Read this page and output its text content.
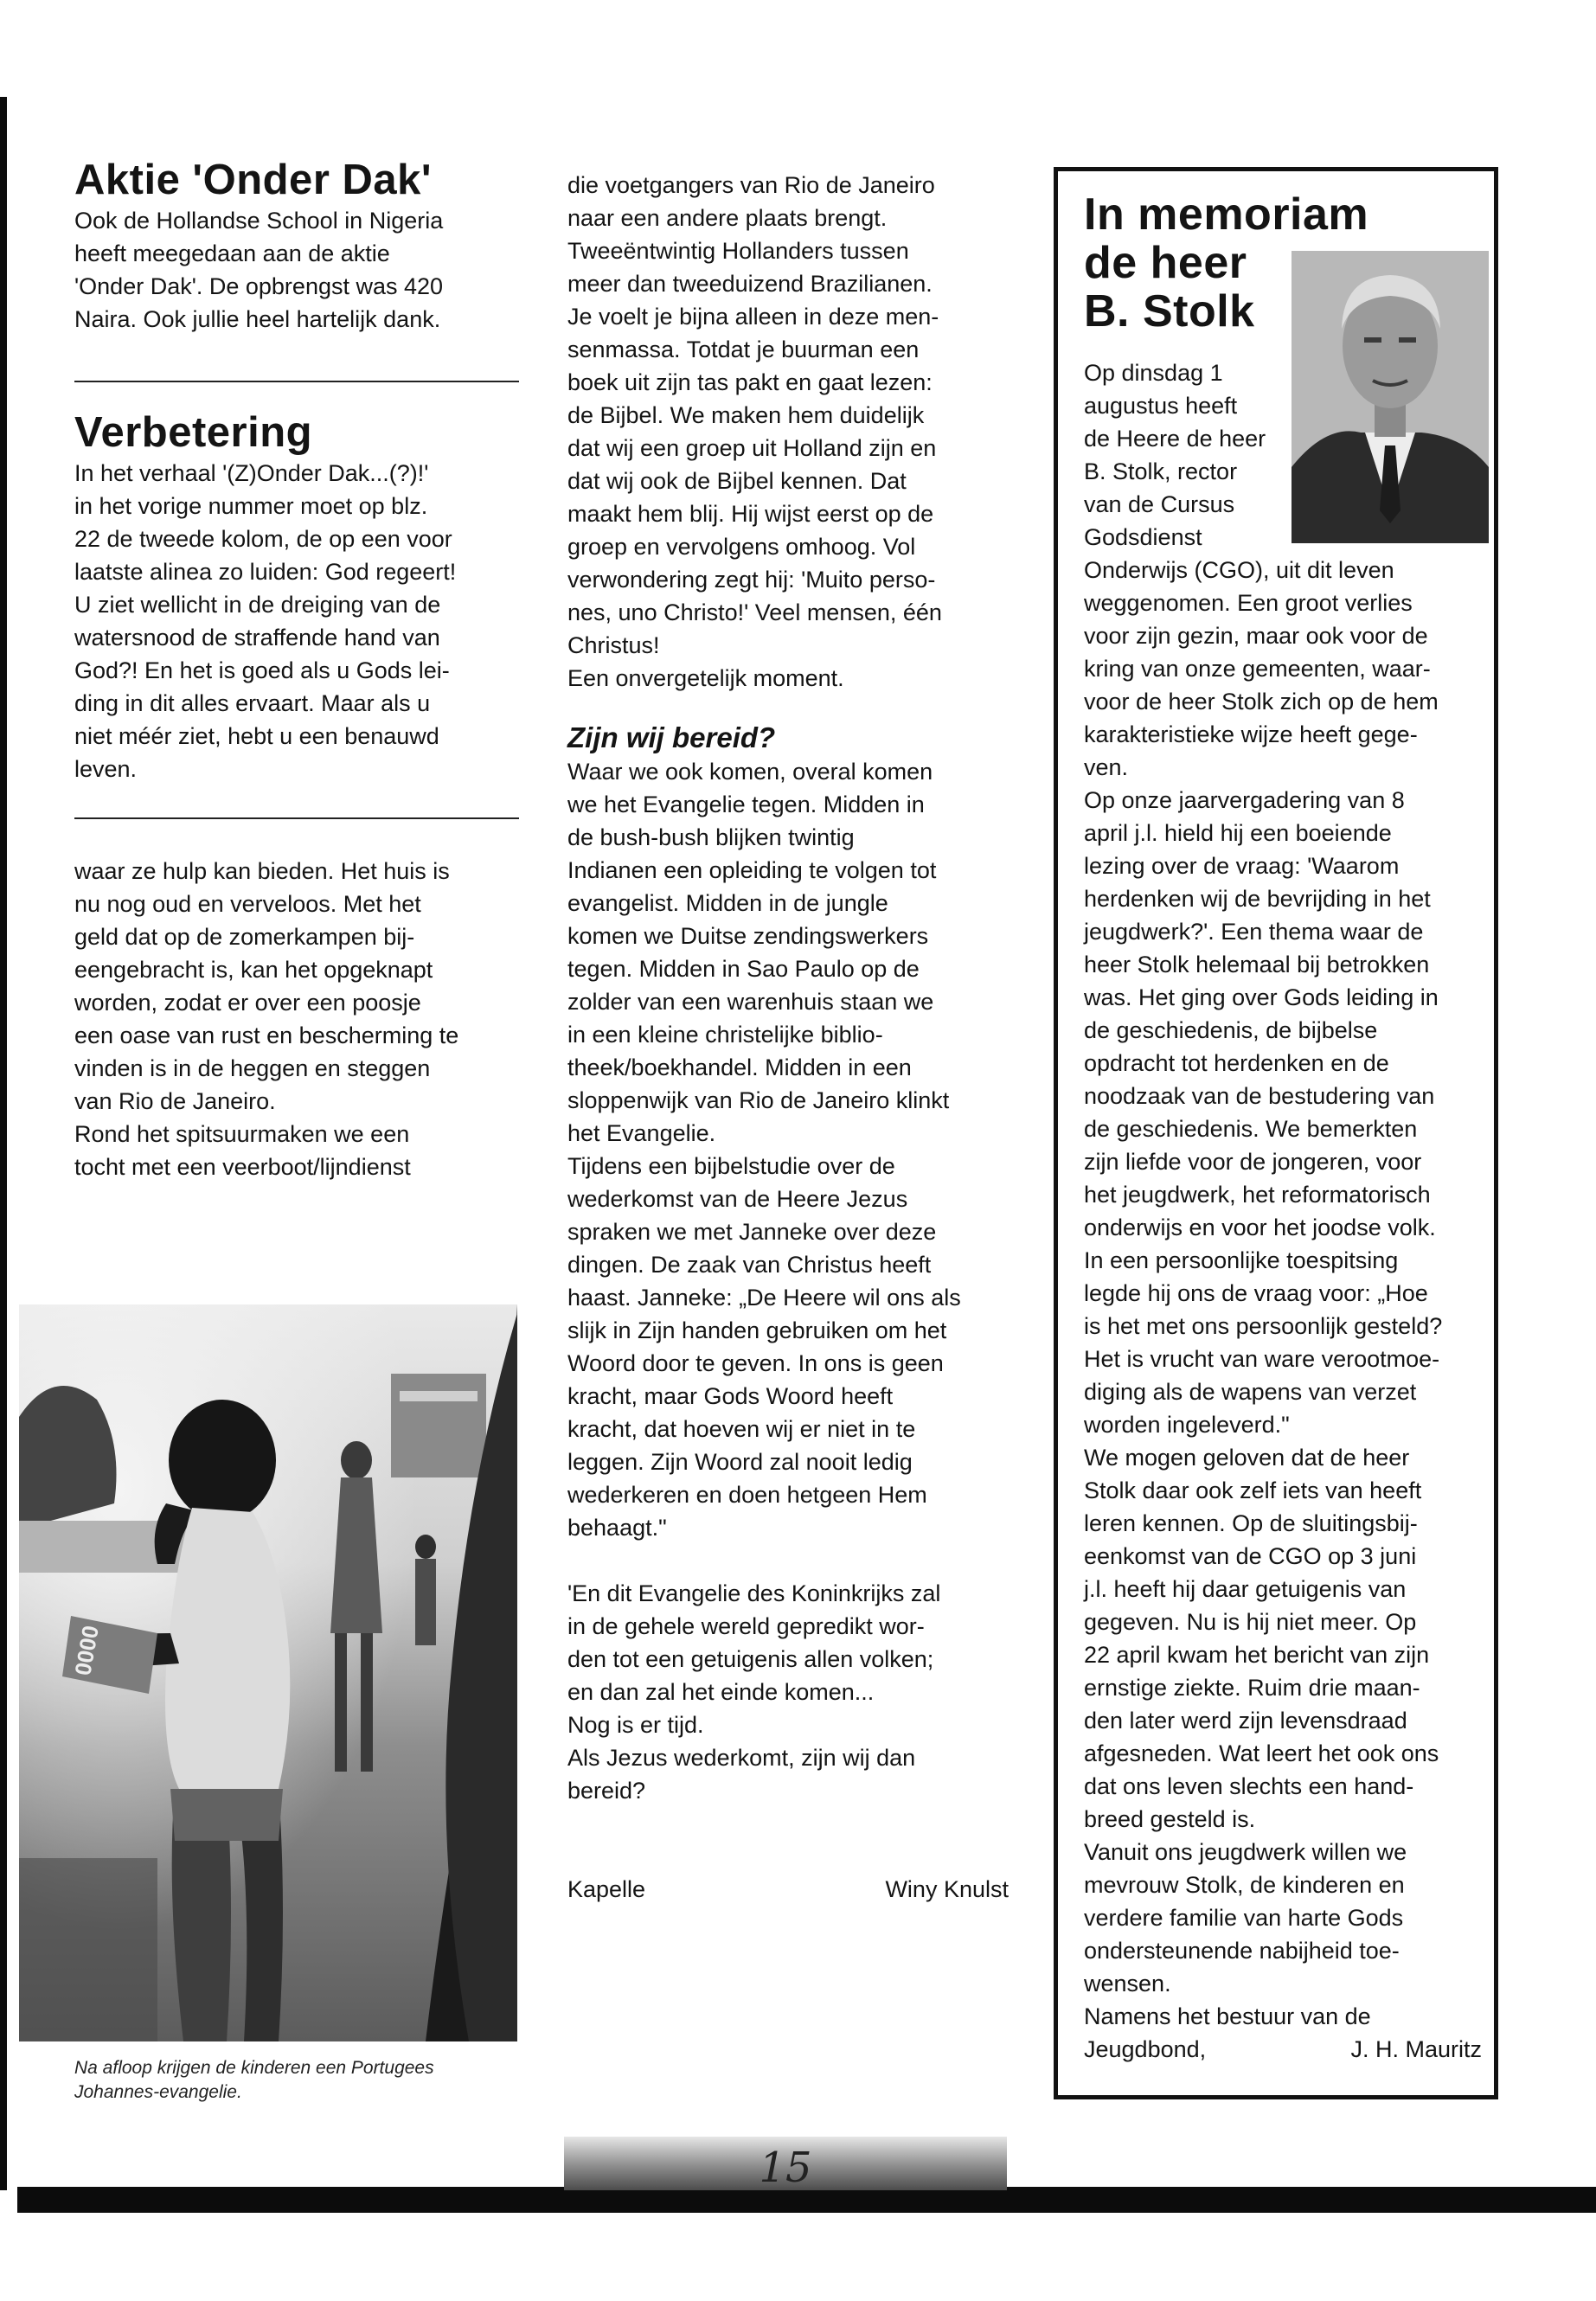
Aktie 'Onder Dak'

Ook de Hollandse School in Nigeria

heeft meegedaan aan de aktie

'Onder Dak'. De opbrengst was 420

Naira. Ook jullie heel hartelijk dank.

Verbetering

In het verhaal '(Z)Onder Dak...(?)!'

in het vorige nummer moet op blz.

22 de tweede kolom, de op een voor

laatste alinea zo luiden: God regeert!

U ziet wellicht in de dreiging van de

watersnood de straffende hand van

God?! En het is goed als u Gods lei-

ding in dit alles ervaart. Maar als u

niet méér ziet, hebt u een benauwd

leven.

waar ze hulp kan bieden. Het huis is

nu nog oud en verveloos. Met het

geld dat op de zomerkampen bij-

eengebracht is, kan het opgeknapt

worden, zodat er over een poosje

een oase van rust en bescherming te

vinden is in de heggen en steggen

van Rio de Janeiro.

Rond het spitsuurmaken we een

tocht met een veerboot/lijndienst

0000

Na afloop krijgen de kinderen een Portugees

Johannes-evangelie.

die voetgangers van Rio de Janeiro

naar een andere plaats brengt.

Tweeëntwintig Hollanders tussen

meer dan tweeduizend Brazilianen.

Je voelt je bijna alleen in deze men-

senmassa. Totdat je buurman een

boek uit zijn tas pakt en gaat lezen:

de Bijbel. We maken hem duidelijk

dat wij een groep uit Holland zijn en

dat wij ook de Bijbel kennen. Dat

maakt hem blij. Hij wijst eerst op de

groep en vervolgens omhoog. Vol

verwondering zegt hij: 'Muito perso-

nes, uno Christo!' Veel mensen, één

Christus!

Een onvergetelijk moment.

Zijn wij bereid?

Waar we ook komen, overal komen

we het Evangelie tegen. Midden in

de bush-bush blijken twintig

Indianen een opleiding te volgen tot

evangelist. Midden in de jungle

komen we Duitse zendingswerkers

tegen. Midden in Sao Paulo op de

zolder van een warenhuis staan we

in een kleine christelijke biblio-

theek/boekhandel. Midden in een

sloppenwijk van Rio de Janeiro klinkt

het Evangelie.

Tijdens een bijbelstudie over de

wederkomst van de Heere Jezus

spraken we met Janneke over deze

dingen. De zaak van Christus heeft

haast. Janneke: „De Heere wil ons als

slijk in Zijn handen gebruiken om het

Woord door te geven. In ons is geen

kracht, maar Gods Woord heeft

kracht, dat hoeven wij er niet in te

leggen. Zijn Woord zal nooit ledig

wederkeren en doen hetgeen Hem

behaagt."

'En dit Evangelie des Koninkrijks zal

in de gehele wereld gepredikt wor-

den tot een getuigenis allen volken;

en dan zal het einde komen...

Nog is er tijd.

Als Jezus wederkomt, zijn wij dan

bereid?

Kapelle	Winy Knulst
In memoriam
de heer
B. Stolk

Op dinsdag 1

augustus heeft

de Heere de heer

B. Stolk, rector

van de Cursus

Godsdienst

Onderwijs (CGO), uit dit leven

weggenomen. Een groot verlies

voor zijn gezin, maar ook voor de

kring van onze gemeenten, waar-

voor de heer Stolk zich op de hem

karakteristieke wijze heeft gege-

ven.

Op onze jaarvergadering van 8

april j.l. hield hij een boeiende

lezing over de vraag: 'Waarom

herdenken wij de bevrijding in het

jeugdwerk?'. Een thema waar de

heer Stolk helemaal bij betrokken

was. Het ging over Gods leiding in

de geschiedenis, de bijbelse

opdracht tot herdenken en de

noodzaak van de bestudering van

de geschiedenis. We bemerkten

zijn liefde voor de jongeren, voor

het jeugdwerk, het reformatorisch

onderwijs en voor het joodse volk.

In een persoonlijke toespitsing

legde hij ons de vraag voor: „Hoe

is het met ons persoonlijk gesteld?

Het is vrucht van ware verootmoe-

diging als de wapens van verzet

worden ingeleverd."

We mogen geloven dat de heer

Stolk daar ook zelf iets van heeft

leren kennen. Op de sluitingsbij-

eenkomst van de CGO op 3 juni

j.l. heeft hij daar getuigenis van

gegeven. Nu is hij niet meer. Op

22 april kwam het bericht van zijn

ernstige ziekte. Ruim drie maan-

den later werd zijn levensdraad

afgesneden. Wat leert het ook ons

dat ons leven slechts een hand-

breed gesteld is.

Vanuit ons jeugdwerk willen we

mevrouw Stolk, de kinderen en

verdere familie van harte Gods

ondersteunende nabijheid toe-

wensen.

Namens het bestuur van de

Jeugdbond,	J. H. Mauritz
15
